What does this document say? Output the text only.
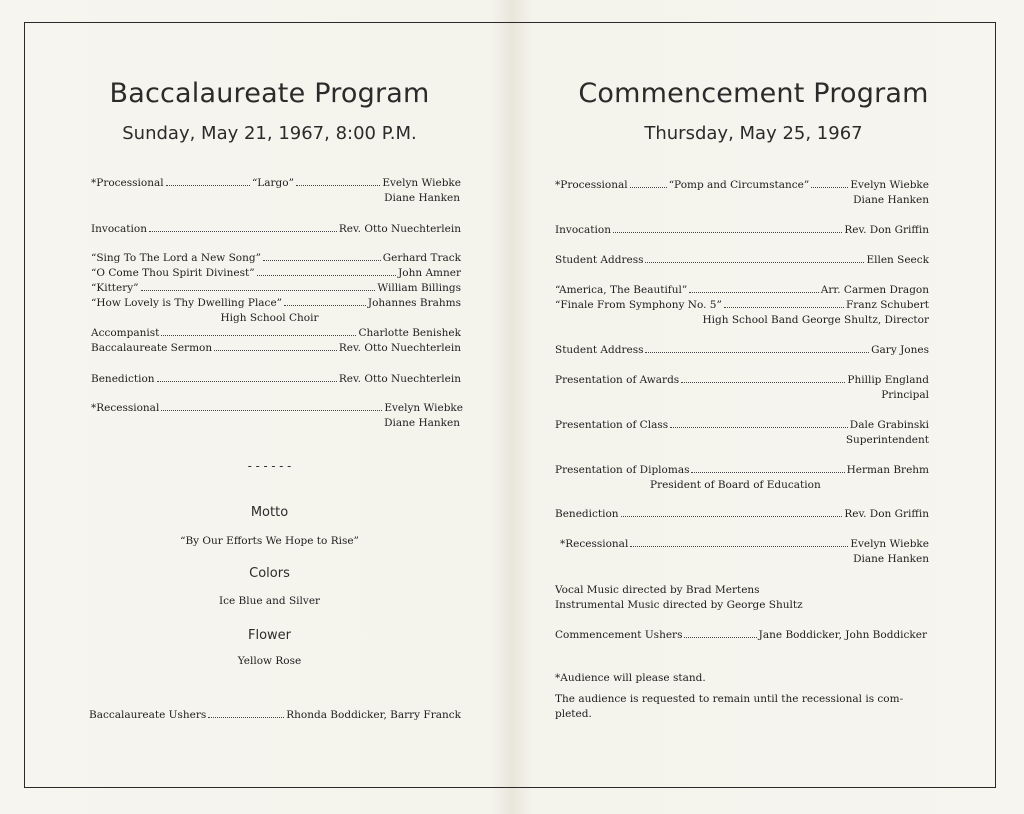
Baccalaureate Program
Sunday, May 21, 1967, 8:00 P.M.
*Processional	“Largo”	Evelyn Wiebke
Diane Hanken
Invocation	Rev. Otto Nuechterlein
“Sing To The Lord a New Song”	Gerhard Track
“O Come Thou Spirit Divinest”	John Amner
“Kittery”	William Billings
“How Lovely is Thy Dwelling Place”	Johannes Brahms
High School Choir
Accompanist	Charlotte Benishek
Baccalaureate Sermon	Rev. Otto Nuechterlein
Benediction	Rev. Otto Nuechterlein
*Recessional	Evelyn Wiebke
Diane Hanken
- - - - - -
Motto
“By Our Efforts We Hope to Rise”
Colors
Ice Blue and Silver
Flower
Yellow Rose
Baccalaureate Ushers	Rhonda Boddicker, Barry Franck
Commencement Program
Thursday, May 25, 1967
*Processional	“Pomp and Circumstance”	Evelyn Wiebke
Diane Hanken
Invocation	Rev. Don Griffin
Student Address	Ellen Seeck
“America, The Beautiful”	Arr. Carmen Dragon
“Finale From Symphony No. 5”	Franz Schubert
High School Band George Shultz, Director
Student Address	Gary Jones
Presentation of Awards	Phillip England
Principal
Presentation of Class	Dale Grabinski
Superintendent
Presentation of Diplomas	Herman Brehm
President of Board of Education
Benediction	Rev. Don Griffin
*Recessional	Evelyn Wiebke
Diane Hanken
Vocal Music directed by Brad Mertens
Instrumental Music directed by George Shultz
Commencement Ushers	Jane Boddicker, John Boddicker
*Audience will please stand.
The audience is requested to remain until the recessional is com-pleted.
